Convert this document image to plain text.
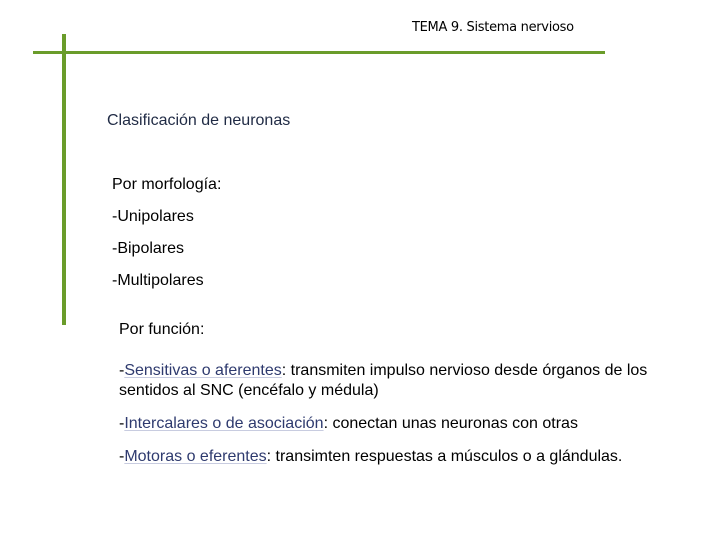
TEMA 9. Sistema nervioso
Clasificación de neuronas
Por morfología:
-Unipolares
-Bipolares
-Multipolares
Por función:
-Sensitivas o aferentes: transmiten impulso nervioso desde órganos de los sentidos al SNC (encéfalo y médula)
-Intercalares o de asociación: conectan unas neuronas con otras
-Motoras o eferentes: transimten respuestas a músculos o a glándulas.
